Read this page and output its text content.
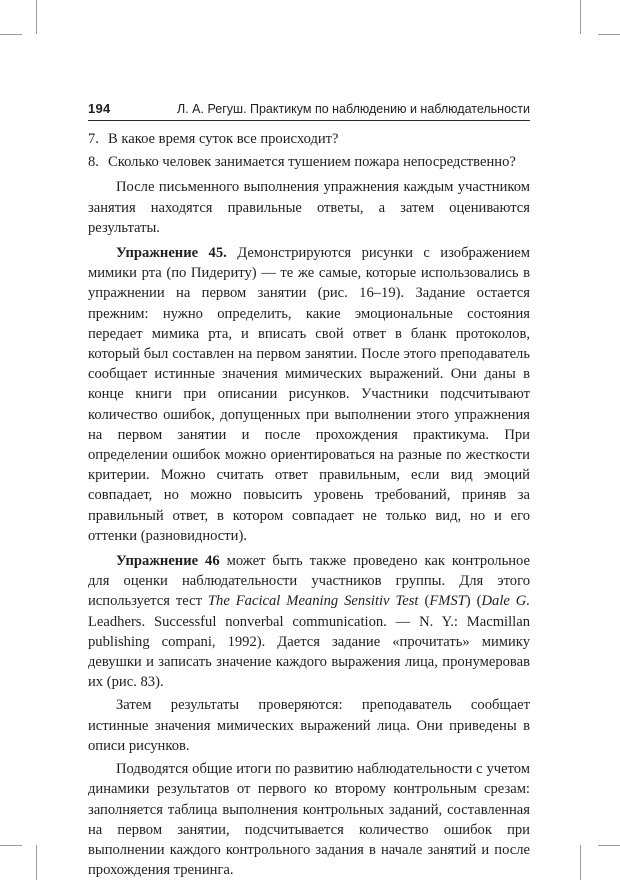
194	Л. А. Регуш. Практикум по наблюдению и наблюдательности
7. В какое время суток все происходит?
8. Сколько человек занимается тушением пожара непосредственно?

После письменного выполнения упражнения каждым участником занятия находятся правильные ответы, а затем оцениваются результаты.

Упражнение 45. Демонстрируются рисунки с изображением мимики рта (по Пидериту) — те же самые, которые использовались в упражнении на первом занятии (рис. 16–19). Задание остается прежним: нужно определить, какие эмоциональные состояния передает мимика рта, и вписать свой ответ в бланк протоколов, который был составлен на первом занятии. После этого преподаватель сообщает истинные значения мимических выражений. Они даны в конце книги при описании рисунков. Участники подсчитывают количество ошибок, допущенных при выполнении этого упражнения на первом занятии и после прохождения практикума. При определении ошибок можно ориентироваться на разные по жесткости критерии. Можно считать ответ правильным, если вид эмоций совпадает, но можно повысить уровень требований, приняв за правильный ответ, в котором совпадает не только вид, но и его оттенки (разновидности).

Упражнение 46 может быть также проведено как контрольное для оценки наблюдательности участников группы. Для этого используется тест The Facical Meaning Sensitiv Test (FMST) (Dale G. Leadhers. Successful nonverbal communication. — N. Y.: Macmillan publishing compani, 1992). Дается задание «прочитать» мимику девушки и записать значение каждого выражения лица, пронумеровав их (рис. 83).

Затем результаты проверяются: преподаватель сообщает истинные значения мимических выражений лица. Они приведены в описи рисунков.

Подводятся общие итоги по развитию наблюдательности с учетом динамики результатов от первого ко второму контрольным срезам: заполняется таблица выполнения контрольных заданий, составленная на первом занятии, подсчитывается количество ошибок при выполнении каждого контрольного задания в начале занятий и после прохождения тренинга.
